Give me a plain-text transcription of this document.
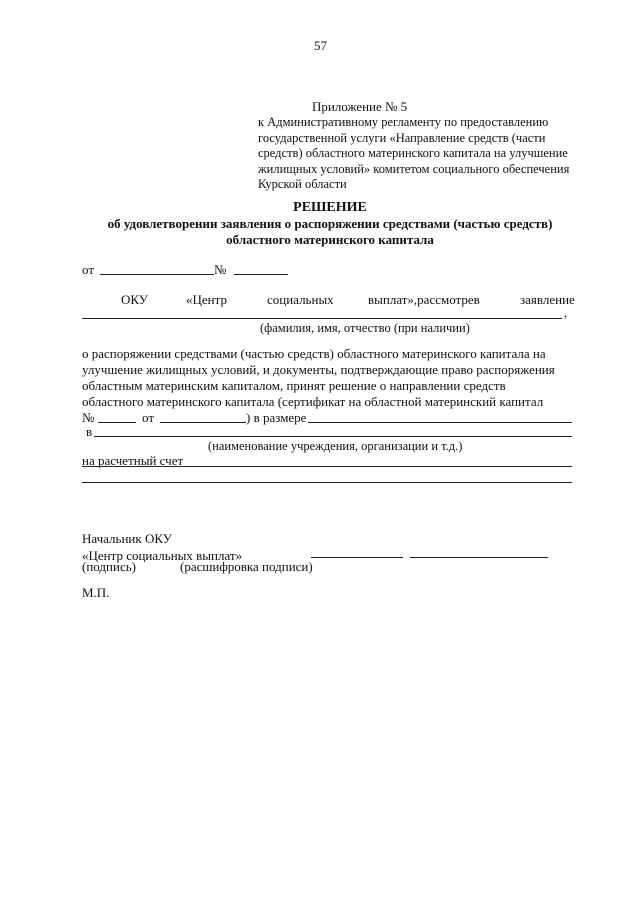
57
Приложение № 5
к Административному регламенту по предоставлению
государственной услуги «Направление средств (части
средств) областного материнского капитала на улучшение
жилищных условий» комитетом социального обеспечения
Курской области
РЕШЕНИЕ
об удовлетворении заявления о распоряжении средствами (частью средств)
областного материнского капитала
от	№
ОКУ	«Центр	социальных	выплат»,рассмотрев	заявление
,
(фамилия, имя, отчество (при наличии)
о распоряжении средствами (частью средств) областного материнского капитала на
улучшение жилищных условий, и документы, подтверждающие право распоряжения
областным материнским капиталом, принят решение о направлении средств
областного материнского капитала (сертификат на областной материнский капитал
№	от	) в размере
в
(наименование учреждения, организации и т.д.)
на расчетный счет
Начальник ОКУ
«Центр социальных выплат»
(подпись)	(расшифровка подписи)
М.П.
